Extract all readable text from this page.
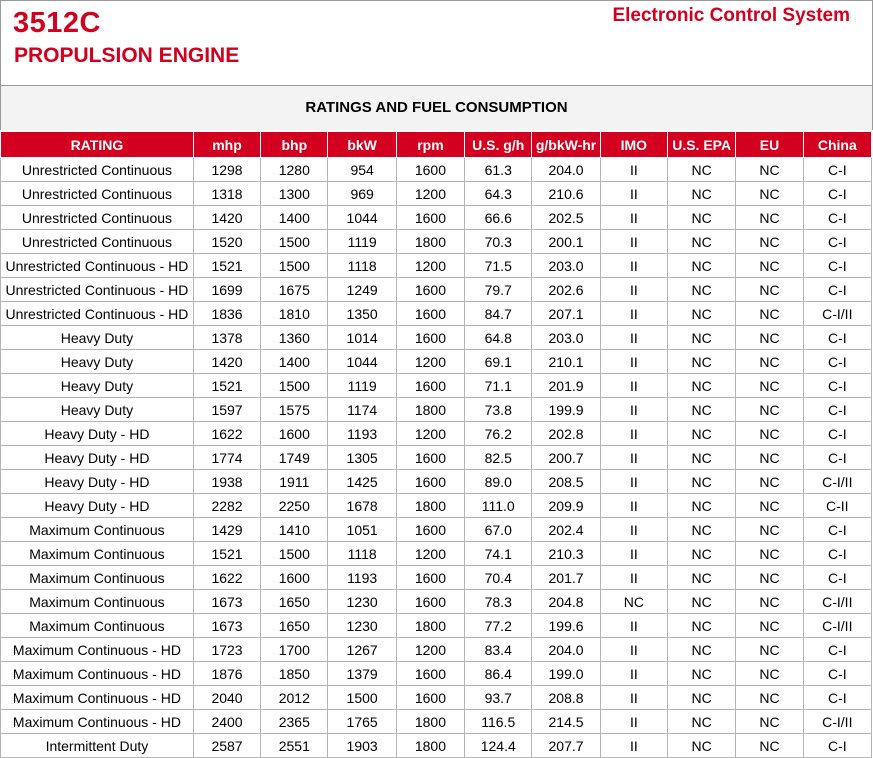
3512C
PROPULSION ENGINE
Electronic Control System
RATINGS AND FUEL CONSUMPTION
RATING	mhp	bhp	bkW	rpm	U.S. g/h	g/bkW-hr	IMO	U.S. EPA	EU	China
Unrestricted Continuous	1298	1280	954	1600	61.3	204.0	II	NC	NC	C-I
Unrestricted Continuous	1318	1300	969	1200	64.3	210.6	II	NC	NC	C-I
Unrestricted Continuous	1420	1400	1044	1600	66.6	202.5	II	NC	NC	C-I
Unrestricted Continuous	1520	1500	1119	1800	70.3	200.1	II	NC	NC	C-I
Unrestricted Continuous - HD	1521	1500	1118	1200	71.5	203.0	II	NC	NC	C-I
Unrestricted Continuous - HD	1699	1675	1249	1600	79.7	202.6	II	NC	NC	C-I
Unrestricted Continuous - HD	1836	1810	1350	1600	84.7	207.1	II	NC	NC	C-I/II
Heavy Duty	1378	1360	1014	1600	64.8	203.0	II	NC	NC	C-I
Heavy Duty	1420	1400	1044	1200	69.1	210.1	II	NC	NC	C-I
Heavy Duty	1521	1500	1119	1600	71.1	201.9	II	NC	NC	C-I
Heavy Duty	1597	1575	1174	1800	73.8	199.9	II	NC	NC	C-I
Heavy Duty - HD	1622	1600	1193	1200	76.2	202.8	II	NC	NC	C-I
Heavy Duty - HD	1774	1749	1305	1600	82.5	200.7	II	NC	NC	C-I
Heavy Duty - HD	1938	1911	1425	1600	89.0	208.5	II	NC	NC	C-I/II
Heavy Duty - HD	2282	2250	1678	1800	111.0	209.9	II	NC	NC	C-II
Maximum Continuous	1429	1410	1051	1600	67.0	202.4	II	NC	NC	C-I
Maximum Continuous	1521	1500	1118	1200	74.1	210.3	II	NC	NC	C-I
Maximum Continuous	1622	1600	1193	1600	70.4	201.7	II	NC	NC	C-I
Maximum Continuous	1673	1650	1230	1600	78.3	204.8	NC	NC	NC	C-I/II
Maximum Continuous	1673	1650	1230	1800	77.2	199.6	II	NC	NC	C-I/II
Maximum Continuous - HD	1723	1700	1267	1200	83.4	204.0	II	NC	NC	C-I
Maximum Continuous - HD	1876	1850	1379	1600	86.4	199.0	II	NC	NC	C-I
Maximum Continuous - HD	2040	2012	1500	1600	93.7	208.8	II	NC	NC	C-I
Maximum Continuous - HD	2400	2365	1765	1800	116.5	214.5	II	NC	NC	C-I/II
Intermittent Duty	2587	2551	1903	1800	124.4	207.7	II	NC	NC	C-I
